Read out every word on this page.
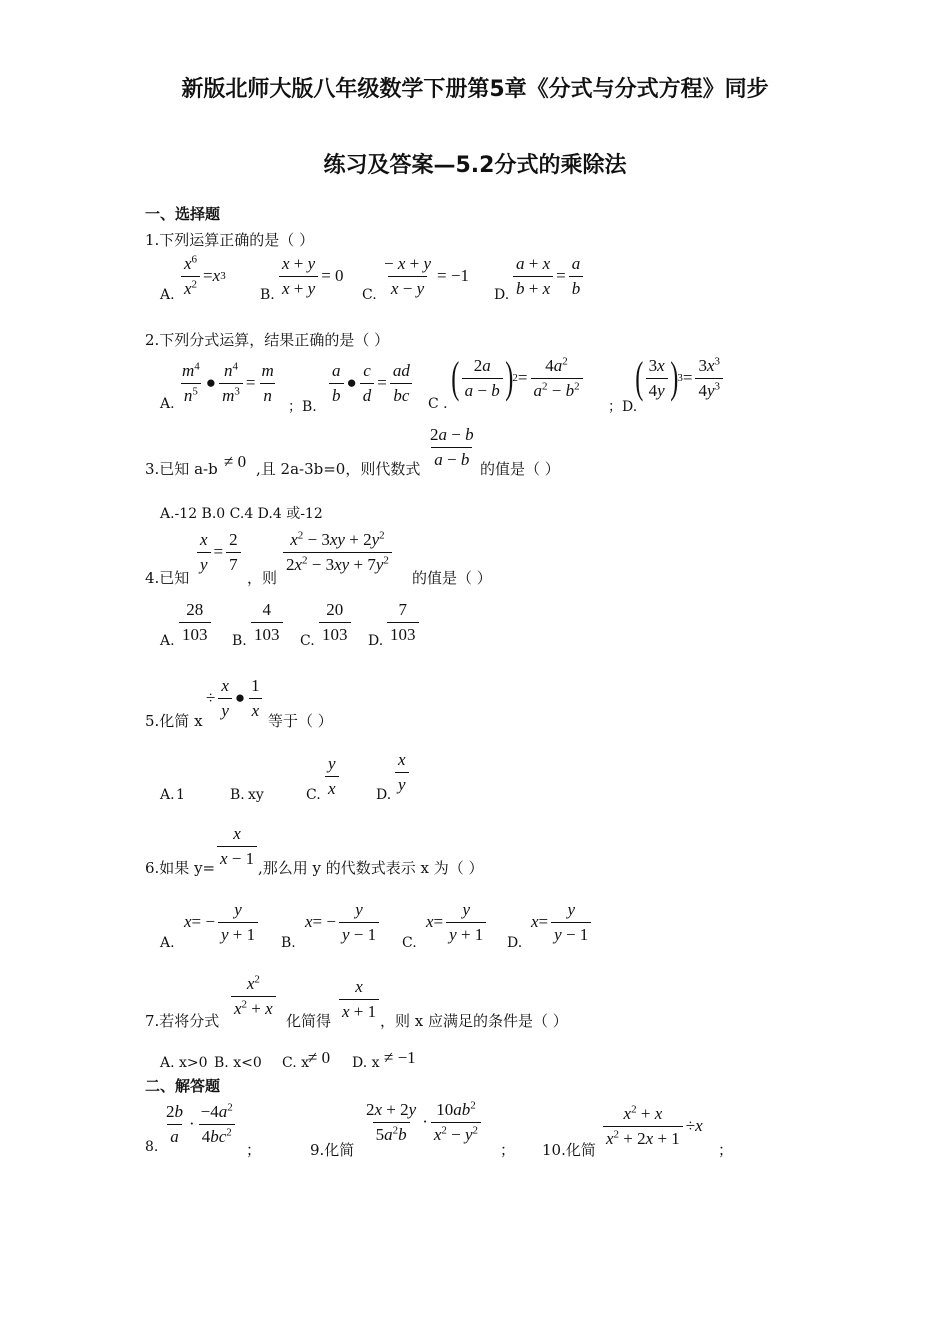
新版北师大版八年级数学下册第5章《分式与分式方程》同步
练习及答案—5.2分式的乘除法
一、选择题
1.下列运算正确的是（ ）
A. $\frac{x^6}{x^2} = x$ 3
B. $\frac{x + y}{x + y} = 0$
C. $\frac{- x + y}{x - y} = -1$
D. $\frac{a + x}{b + x} = \frac{a}{b}$
2.下列分式运算，结果正确的是（ ）
A. $\frac{m^4}{n^5}$ ● $\frac{n^4}{m^3} = \frac{m}{n}$
；B.
$\frac{a}{b}$ ● $\frac{c}{d} = \frac{ad}{bc}$ C .
( $\frac{2a}{a - b}$ ) $2 = \frac{4a^2}{a^2 - b^2}$
；D.
( $\frac{3x}{4y}$ ) $3 = \frac{3x^3}{4y^3}$
3.已知 a-b ≠ 0 ,且 2a-3b=0，则代数式 $\frac{2a - b}{a - b}$ 的值是（ ）
A.-12 B.0 C.4 D.4 或-12
4.已知
$\frac{x}{y} = \frac{2}{7}$
，则
$\frac{x^2 - 3xy + 2y^2}{2x^2 - 3xy + 7y^2}$
的值是（ ）
A. $\frac{28}{103} B$. $\frac{4}{103} C$. $\frac{20}{103} D$. $\frac{7}{103}$
5.化简 x
÷ $\frac{x}{y}$ ● $\frac{1}{x}$
等于（ ）
A. 1	B. xy	C. $\frac{y}{x}$	D.
$\frac{x}{y}$
6.如果 $y= \frac{x}{x - 1}$ ,那么用 y 的代数式表示 x 为（ ）
A.
x = − $\frac{y}{y + 1} B$.
x = − $\frac{y}{y - 1} C$.
$x = \frac{y}{y + 1} D$.
$x = \frac{y}{y - 1}$
7.若将分式
$\frac{x^2}{x^2 + x}$
化简得 $\frac{x}{x + 1}$ ，则 x 应满足的条件是（ ）
A. x>0 B. x<0 C. x
≠ 0 D. x ≠ −1
二、解答题
8.
$\frac{2b}{a} \cdot \frac{-4a^2}{4bc^2}$
；	9.化简
$\frac{2x + 2y}{5a^2b} \cdot \frac{10ab^2}{x^2 - y^2}$
； 10.化简
$\frac{x^2 + x}{x^2 + 2x + 1} \div x$
；
